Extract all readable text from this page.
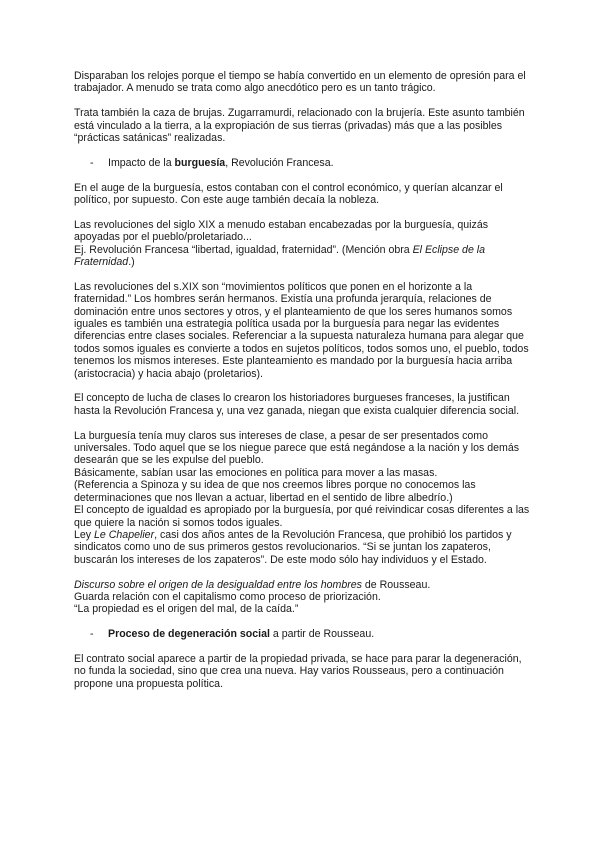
Disparaban los relojes porque el tiempo se había convertido en un elemento de opresión para el trabajador. A menudo se trata como algo anecdótico pero es un tanto trágico.

Trata también la caza de brujas. Zugarramurdi, relacionado con la brujería. Este asunto también está vinculado a la tierra, a la expropiación de sus tierras (privadas) más que a las posibles “prácticas satánicas” realizadas.

- Impacto de la burguesía, Revolución Francesa.

En el auge de la burguesía, estos contaban con el control económico, y querían alcanzar el político, por supuesto. Con este auge también decaía la nobleza.

Las revoluciones del siglo XIX a menudo estaban encabezadas por la burguesía, quizás apoyadas por el pueblo/proletariado...
Ej. Revolución Francesa “libertad, igualdad, fraternidad”. (Mención obra El Eclipse de la Fraternidad.)

Las revoluciones del s.XIX son “movimientos políticos que ponen en el horizonte a la fraternidad.” Los hombres serán hermanos. Existía una profunda jerarquía, relaciones de dominación entre unos sectores y otros, y el planteamiento de que los seres humanos somos iguales es también una estrategia política usada por la burguesía para negar las evidentes diferencias entre clases sociales. Referenciar a la supuesta naturaleza humana para alegar que todos somos iguales es convierte a todos en sujetos políticos, todos somos uno, el pueblo, todos tenemos los mismos intereses. Este planteamiento es mandado por la burguesía hacia arriba (aristocracia) y hacia abajo (proletarios).

El concepto de lucha de clases lo crearon los historiadores burgueses franceses, la justifican hasta la Revolución Francesa y, una vez ganada, niegan que exista cualquier diferencia social.

La burguesía tenía muy claros sus intereses de clase, a pesar de ser presentados como universales. Todo aquel que se los niegue parece que está negándose a la nación y los demás desearán que se les expulse del pueblo.
Básicamente, sabían usar las emociones en política para mover a las masas.
(Referencia a Spinoza y su idea de que nos creemos libres porque no conocemos las determinaciones que nos llevan a actuar, libertad en el sentido de libre albedrío.)
El concepto de igualdad es apropiado por la burguesía, por qué reivindicar cosas diferentes a las que quiere la nación si somos todos iguales.
Ley Le Chapelier, casi dos años antes de la Revolución Francesa, que prohibió los partidos y sindicatos como uno de sus primeros gestos revolucionarios. “Si se juntan los zapateros, buscarán los intereses de los zapateros”. De este modo sólo hay individuos y el Estado.

Discurso sobre el origen de la desigualdad entre los hombres de Rousseau.
Guarda relación con el capitalismo como proceso de priorización.
“La propiedad es el origen del mal, de la caída.”

- Proceso de degeneración social a partir de Rousseau.

El contrato social aparece a partir de la propiedad privada, se hace para parar la degeneración, no funda la sociedad, sino que crea una nueva. Hay varios Rousseaus, pero a continuación propone una propuesta política.
